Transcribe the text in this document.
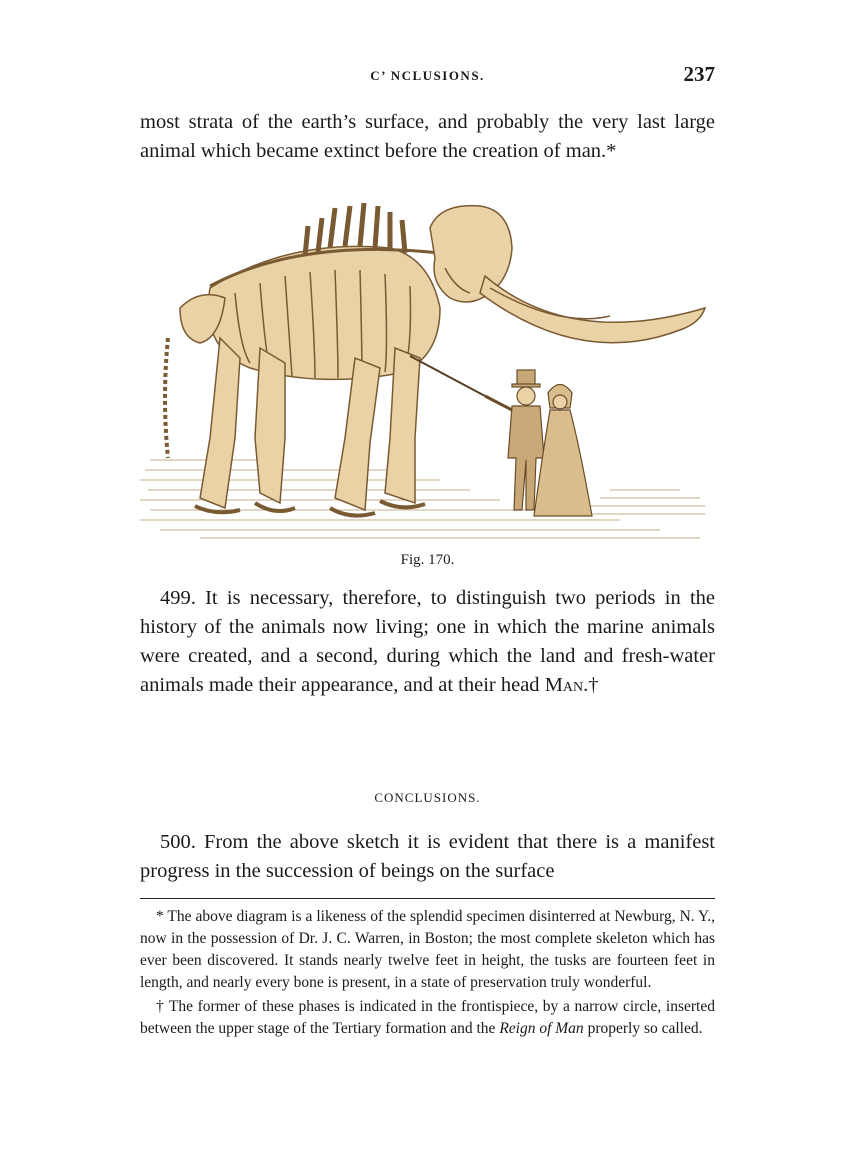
C’ NCLUSIONS.	237

most strata of the earth’s surface, and probably the very last large animal which became extinct before the creation of man.*

Fig. 170.

499. It is necessary, therefore, to distinguish two periods in the history of the animals now living; one in which the marine animals were created, and a second, during which the land and fresh-water animals made their appearance, and at their head Man.†

CONCLUSIONS.

500. From the above sketch it is evident that there is a manifest progress in the succession of beings on the surface

* The above diagram is a likeness of the splendid specimen disinterred at Newburg, N. Y., now in the possession of Dr. J. C. Warren, in Boston; the most complete skeleton which has ever been discovered. It stands nearly twelve feet in height, the tusks are fourteen feet in length, and nearly every bone is present, in a state of preservation truly wonderful.

† The former of these phases is indicated in the frontispiece, by a narrow circle, inserted between the upper stage of the Tertiary formation and the Reign of Man properly so called.
